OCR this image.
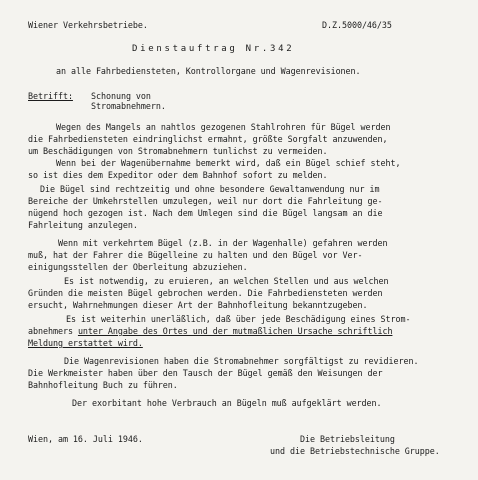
Wiener Verkehrsbetriebe.	D.Z.5000/46/35
Dienstauftrag Nr.342
an alle Fahrbediensteten, Kontrollorgane und Wagenrevisionen.
Betrifft: Schonung von
Stromabnehmern.
Wegen des Mangels an nahtlos gezogenen Stahlrohren für Bügel werden
die Fahrbediensteten eindringlichst ermahnt, größte Sorgfalt anzuwenden,
um Beschädigungen von Stromabnehmern tunlichst zu vermeiden.
Wenn bei der Wagenübernahme bemerkt wird, daß ein Bügel schief steht,
so ist dies dem Expeditor oder dem Bahnhof sofort zu melden.
Die Bügel sind rechtzeitig und ohne besondere Gewaltanwendung nur im
Bereiche der Umkehrstellen umzulegen, weil nur dort die Fahrleitung ge-
nügend hoch gezogen ist. Nach dem Umlegen sind die Bügel langsam an die
Fahrleitung anzulegen.
Wenn mit verkehrtem Bügel (z.B. in der Wagenhalle) gefahren werden
muß, hat der Fahrer die Bügelleine zu halten und den Bügel vor Ver-
einigungsstellen der Oberleitung abzuziehen.
Es ist notwendig, zu eruieren, an welchen Stellen und aus welchen
Gründen die meisten Bügel gebrochen werden. Die Fahrbediensteten werden
ersucht, Wahrnehmungen dieser Art der Bahnhofleitung bekanntzugeben.
Es ist weiterhin unerläßlich, daß über jede Beschädigung eines Strom-
abnehmers unter Angabe des Ortes und der mutmaßlichen Ursache schriftlich
Meldung erstattet wird.
Die Wagenrevisionen haben die Stromabnehmer sorgfältigst zu revidieren.
Die Werkmeister haben über den Tausch der Bügel gemäß den Weisungen der
Bahnhofleitung Buch zu führen.
Der exorbitant hohe Verbrauch an Bügeln muß aufgeklärt werden.
Wien, am 16. Juli 1946.	Die Betriebsleitung
und die Betriebstechnische Gruppe.
